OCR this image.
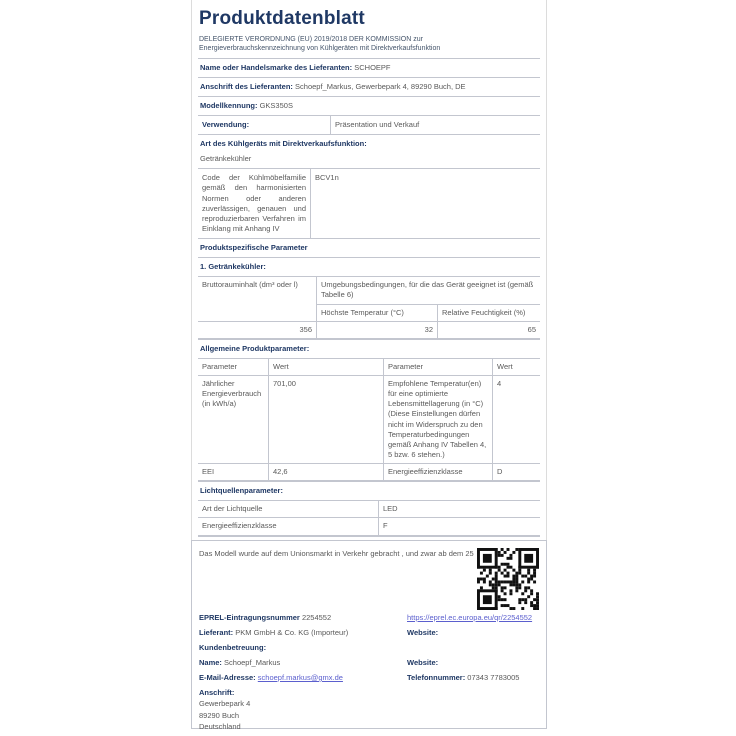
Produktdatenblatt
DELEGIERTE VERORDNUNG (EU) 2019/2018 DER KOMMISSION zur Energieverbrauchskennzeichnung von Kühlgeräten mit Direktverkaufsfunktion
Name oder Handelsmarke des Lieferanten: SCHOEPF
Anschrift des Lieferanten: Schoepf_Markus, Gewerbepark 4, 89290 Buch, DE
Modellkennung: GKS350S
Verwendung:	Präsentation und Verkauf
Art des Kühlgeräts mit Direktverkaufsfunktion:
Getränkekühler
Code der Kühlmöbelfamilie gemäß den harmonisierten Normen oder anderen zuverlässigen, genauen und reproduzierbaren Verfahren im Einklang mit Anhang IV
BCV1n
Produktspezifische Parameter
1. Getränkekühler:
Bruttorauminhalt (dm³ oder l)	Umgebungsbedingungen, für die das Gerät geeignet ist (gemäß Tabelle 6)	
	Höchste Temperatur (°C)	Relative Feuchtigkeit (%)
356	32	65
Allgemeine Produktparameter:
Parameter	Wert	Parameter	Wert
Jährlicher Energieverbrauch (in kWh/a)	701,00	Empfohlene Temperatur(en) für eine optimierte Lebensmittellagerung (in °C) (Diese Einstellungen dürfen nicht im Widerspruch zu den Temperaturbedingungen gemäß Anhang IV Tabellen 4, 5 bzw. 6 stehen.)	4
EEI	42,6	Energieeffizienzklasse	D
Lichtquellenparameter:
Art der Lichtquelle	LED
Energieeffizienzklasse	F
Das Modell wurde auf dem Unionsmarkt in Verkehr gebracht , und zwar ab dem 25
EPREL-Eintragungsnummer 2254552	https://eprel.ec.europa.eu/qr/2254552
Lieferant: PKM GmbH & Co. KG (Importeur)	Website:
Kundenbetreuung:
Name: Schoepf_Markus	Website:
E-Mail-Adresse: schoepf.markus@gmx.de	Telefonnummer: 07343 7783005
Anschrift:
Gewerbepark 4
89290 Buch
Deutschland
